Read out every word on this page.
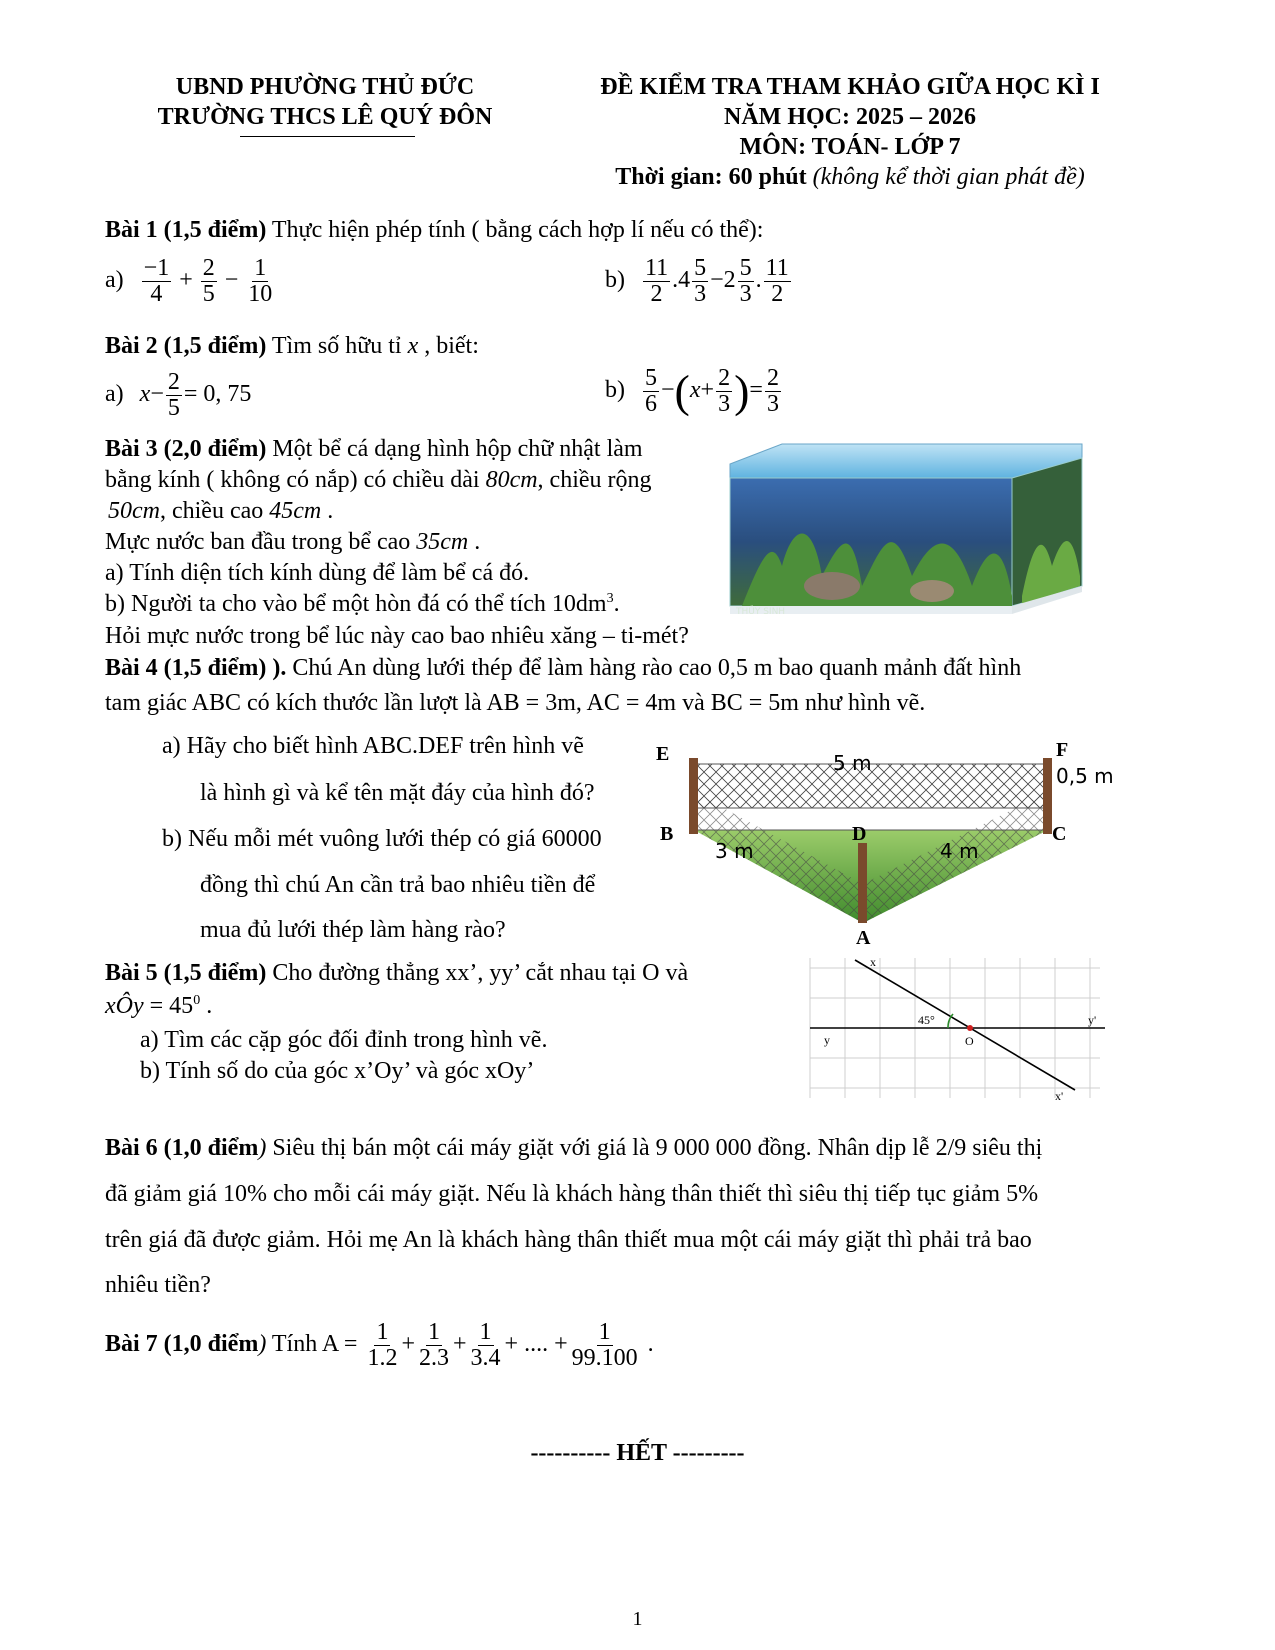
UBND PHƯỜNG THỦ ĐỨC
TRƯỜNG THCS LÊ QUÝ ĐÔN
ĐỀ KIỂM TRA THAM KHẢO GIỮA HỌC KÌ I
NĂM HỌC: 2025 – 2026
MÔN: TOÁN- LỚP 7
Thời gian: 60 phút (không kể thời gian phát đề)
Bài 1 (1,5 điểm) Thực hiện phép tính ( bằng cách hợp lí nếu có thể):
$a) \frac{-1}{4} + \frac{2}{5} - \frac{1}{10}$	$b) \frac{11}{2} .4 \frac{5}{3} -2 \frac{5}{3}$ . $\frac{11}{2}$
Bài 2 (1,5 điểm) Tìm số hữu tỉ x , biết:
a) $x- \frac{2}{5} = 0$, 75	$b) \frac{5}{6} -(x+ \frac{2}{3}$ )= $\frac{2}{3}$
Bài 3 (2,0 điểm) Một bể cá dạng hình hộp chữ nhật làm
bằng kính ( không có nắp) có chiều dài 80cm, chiều rộng
50cm, chiều cao 45cm .
Mực nước ban đầu trong bể cao 35cm .
a) Tính diện tích kính dùng để làm bể cá đó.
b) Người ta cho vào bể một hòn đá có thể tích $10dm^3$.
Hỏi mực nước trong bể lúc này cao bao nhiêu xăng – ti-mét?
THỦY SINH
Bài 4 (1,5 điểm) ). Chú An dùng lưới thép để làm hàng rào cao 0,5 m bao quanh mảnh đất hình
tam giác ABC có kích thước lần lượt là AB = 3m, AC = 4m và BC = 5m như hình vẽ.
a) Hãy cho biết hình ABC.DEF trên hình vẽ
là hình gì và kể tên mặt đáy của hình đó?
b) Nếu mỗi mét vuông lưới thép có giá 60000
đồng thì chú An cần trả bao nhiêu tiền để
mua đủ lưới thép làm hàng rào?
5 m
0,5 m
3 m	4 m
E	F
B	C
D
A
Bài 5 (1,5 điểm) Cho đường thẳng xx’, yy’ cắt nhau tại O và
xÔy = $45^0$ .
a) Tìm các cặp góc đối đỉnh trong hình vẽ.
b) Tính số do của góc x’Oy’ và góc xOy’
x
x'
y
y'
O
45°
Bài 6 (1,0 điểm) Siêu thị bán một cái máy giặt với giá là 9 000 000 đồng. Nhân dịp lễ 2/9 siêu thị
đã giảm giá 10% cho mỗi cái máy giặt. Nếu là khách hàng thân thiết thì siêu thị tiếp tục giảm 5%
trên giá đã được giảm. Hỏi mẹ An là khách hàng thân thiết mua một cái máy giặt thì phải trả bao
nhiêu tiền?
Bài 7 (1,0 điểm) Tính $A = \frac{1}{1.2} + \frac{1}{2.3} + \frac{1}{3.4}$ + .... + $\frac{1}{99.100}$ .
---------- HẾT ---------
1
